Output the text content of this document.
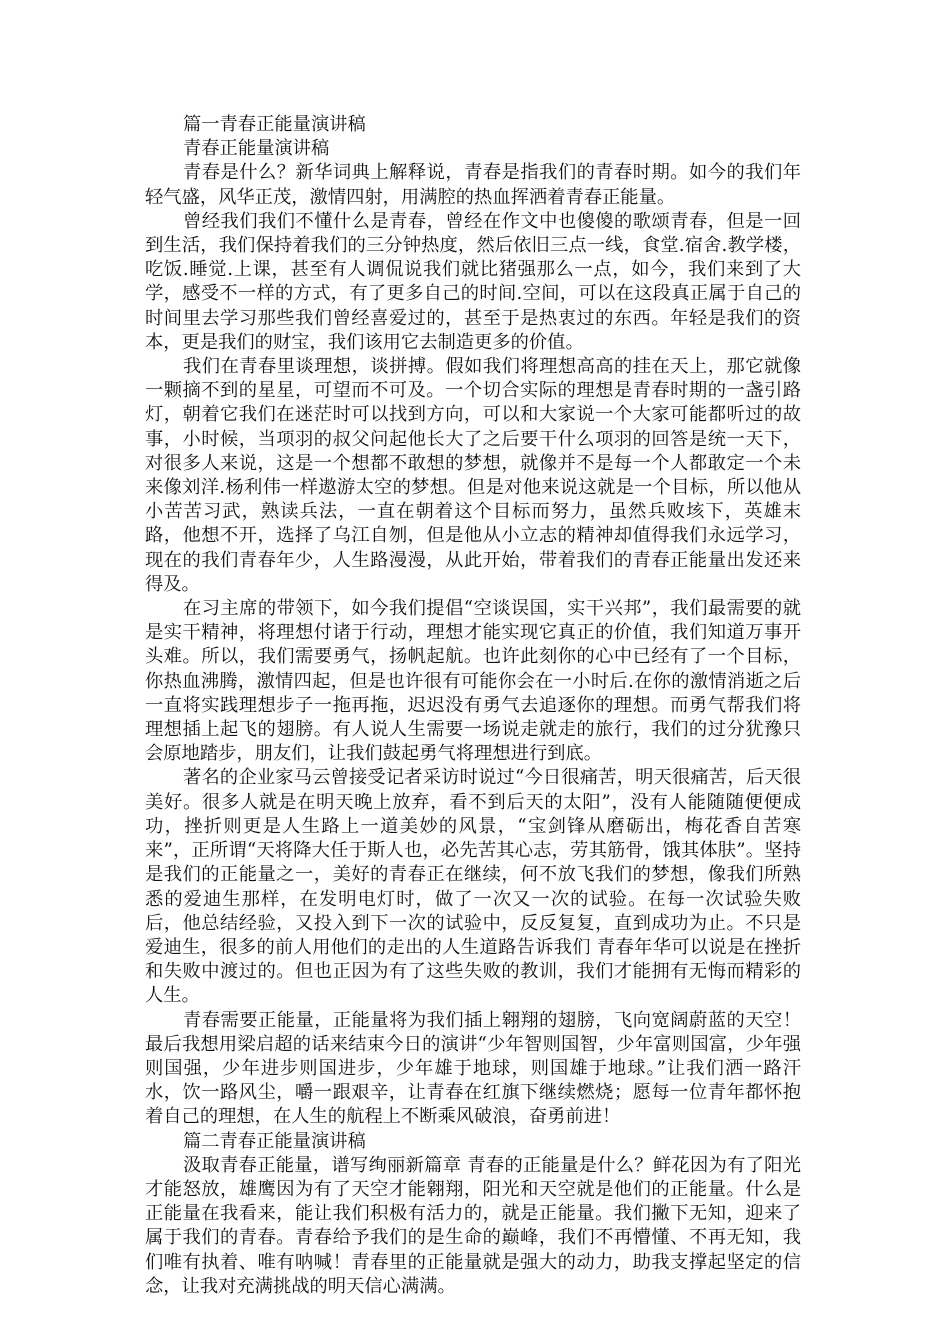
篇一青春正能量演讲稿

青春正能量演讲稿

青春是什么？新华词典上解释说，青春是指我们的青春时期。如今的我们年轻气盛，风华正茂，激情四射，用满腔的热血挥洒着青春正能量。

曾经我们我们不懂什么是青春，曾经在作文中也傻傻的歌颂青春，但是一回到生活，我们保持着我们的三分钟热度，然后依旧三点一线，食堂.宿舍.教学楼，吃饭.睡觉.上课，甚至有人调侃说我们就比猪强那么一点，如今，我们来到了大学，感受不一样的方式，有了更多自己的时间.空间，可以在这段真正属于自己的时间里去学习那些我们曾经喜爱过的，甚至于是热衷过的东西。年轻是我们的资本，更是我们的财宝，我们该用它去制造更多的价值。

我们在青春里谈理想，谈拼搏。假如我们将理想高高的挂在天上，那它就像一颗摘不到的星星，可望而不可及。一个切合实际的理想是青春时期的一盏引路灯，朝着它我们在迷茫时可以找到方向，可以和大家说一个大家可能都听过的故事，小时候，当项羽的叔父问起他长大了之后要干什么项羽的回答是统一天下，对很多人来说，这是一个想都不敢想的梦想，就像并不是每一个人都敢定一个未来像刘洋.杨利伟一样遨游太空的梦想。但是对他来说这就是一个目标，所以他从小苦苦习武，熟读兵法，一直在朝着这个目标而努力，虽然兵败垓下，英雄末路，他想不开，选择了乌江自刎，但是他从小立志的精神却值得我们永远学习，现在的我们青春年少，人生路漫漫，从此开始，带着我们的青春正能量出发还来得及。

在习主席的带领下，如今我们提倡“空谈误国，实干兴邦”，我们最需要的就是实干精神，将理想付诸于行动，理想才能实现它真正的价值，我们知道万事开头难。所以，我们需要勇气，扬帆起航。也许此刻你的心中已经有了一个目标，你热血沸腾，激情四起，但是也许很有可能你会在一小时后.在你的激情消逝之后一直将实践理想步子一拖再拖，迟迟没有勇气去追逐你的理想。而勇气帮我们将理想插上起飞的翅膀。有人说人生需要一场说走就走的旅行，我们的过分犹豫只会原地踏步，朋友们，让我们鼓起勇气将理想进行到底。

著名的企业家马云曾接受记者采访时说过“今日很痛苦，明天很痛苦，后天很美好。很多人就是在明天晚上放弃，看不到后天的太阳”，没有人能随随便便成功，挫折则更是人生路上一道美妙的风景，“宝剑锋从磨砺出，梅花香自苦寒来”，正所谓“天将降大任于斯人也，必先苦其心志，劳其筋骨，饿其体肤”。坚持是我们的正能量之一，美好的青春正在继续，何不放飞我们的梦想，像我们所熟悉的爱迪生那样，在发明电灯时，做了一次又一次的试验。在每一次试验失败后，他总结经验，又投入到下一次的试验中，反反复复，直到成功为止。不只是爱迪生，很多的前人用他们的走出的人生道路告诉我们 青春年华可以说是在挫折和失败中渡过的。但也正因为有了这些失败的教训，我们才能拥有无悔而精彩的人生。

青春需要正能量，正能量将为我们插上翱翔的翅膀，飞向宽阔蔚蓝的天空！最后我想用梁启超的话来结束今日的演讲“少年智则国智，少年富则国富，少年强则国强，少年进步则国进步，少年雄于地球，则国雄于地球。”让我们洒一路汗水，饮一路风尘，嚼一跟艰辛，让青春在红旗下继续燃烧；愿每一位青年都怀抱着自己的理想，在人生的航程上不断乘风破浪，奋勇前进！

篇二青春正能量演讲稿

汲取青春正能量，谱写绚丽新篇章 青春的正能量是什么？鲜花因为有了阳光才能怒放，雄鹰因为有了天空才能翱翔，阳光和天空就是他们的正能量。什么是正能量在我看来，能让我们积极有活力的，就是正能量。我们撇下无知，迎来了属于我们的青春。青春给予我们的是生命的巅峰，我们不再懵懂、不再无知，我们唯有执着、唯有呐喊！青春里的正能量就是强大的动力，助我支撑起坚定的信念，让我对充满挑战的明天信心满满。
